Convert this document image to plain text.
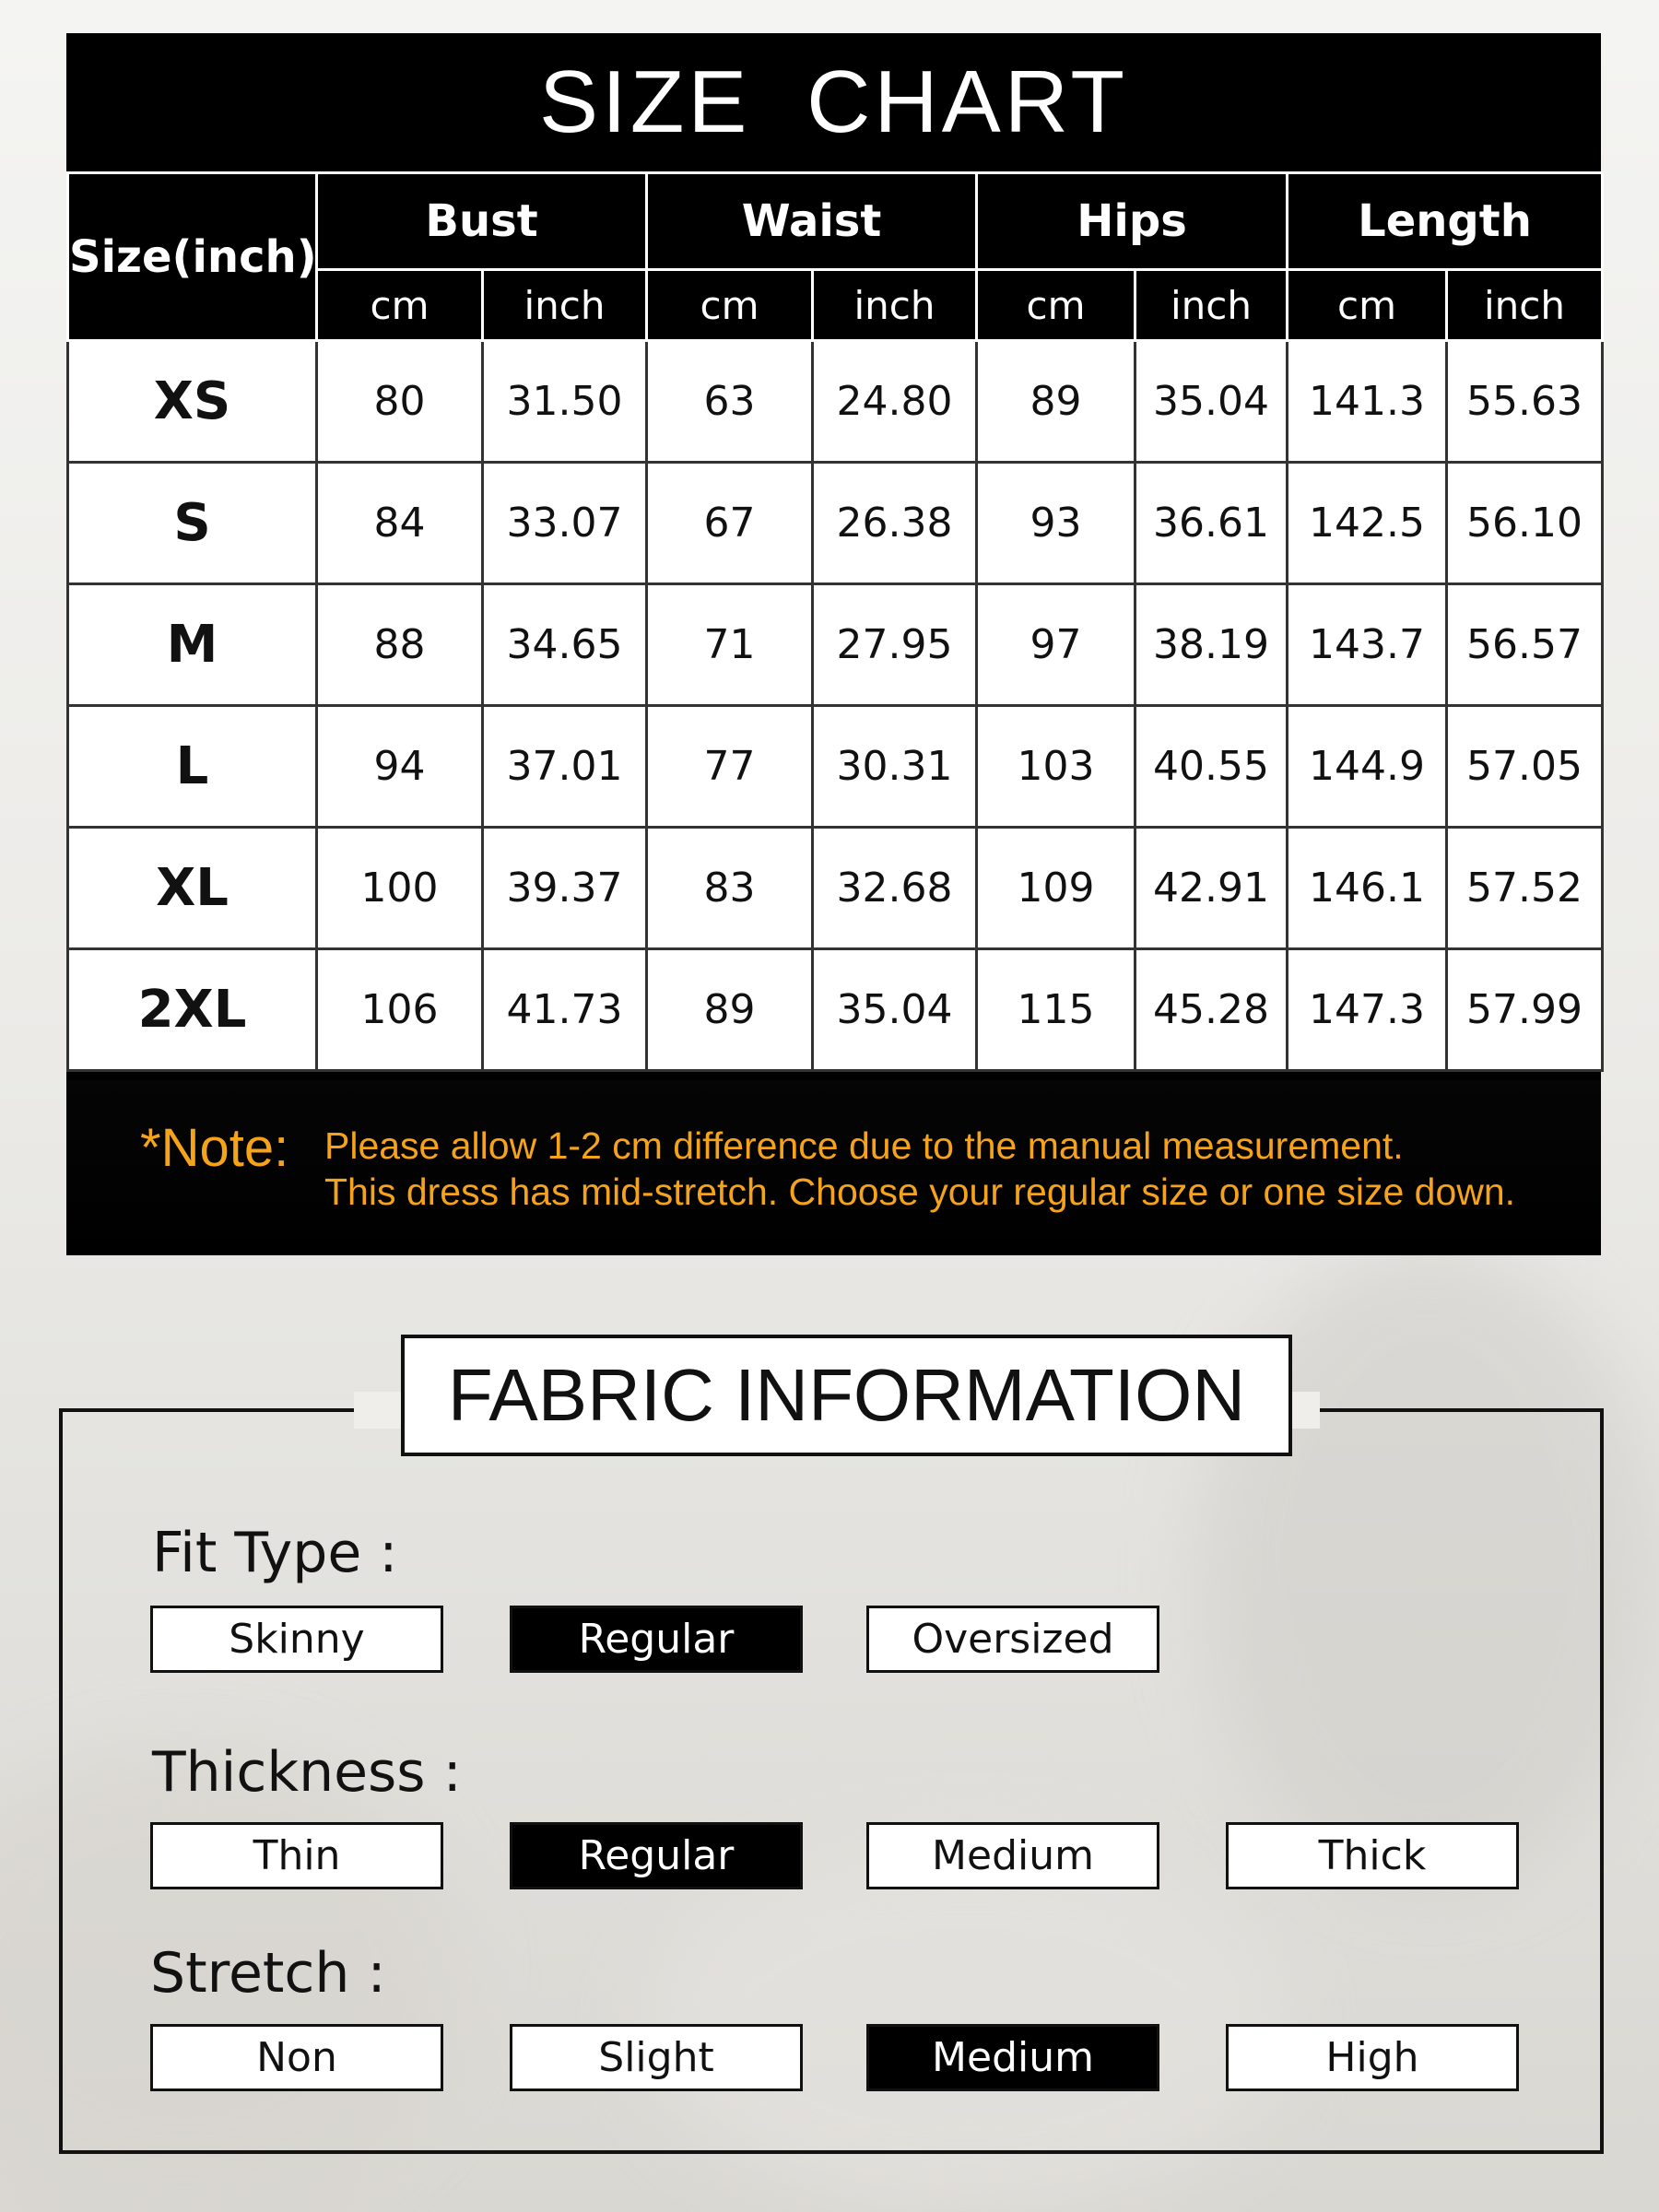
SIZE CHART
Size(inch)	Bust		Waist		Hips		Length	
	cm	inch	cm	inch	cm	inch	cm	inch
XS	80	31.50	63	24.80	89	35.04	141.3	55.63
S	84	33.07	67	26.38	93	36.61	142.5	56.10
M	88	34.65	71	27.95	97	38.19	143.7	56.57
L	94	37.01	77	30.31	103	40.55	144.9	57.05
XL	100	39.37	83	32.68	109	42.91	146.1	57.52
2XL	106	41.73	89	35.04	115	45.28	147.3	57.99
*Note: Please allow 1-2 cm difference due to the manual measurement.
This dress has mid-stretch. Choose your regular size or one size down.
FABRIC INFORMATION
Fit Type :
Skinny	Regular	Oversized
Thickness :
Thin	Regular	Medium	Thick
Stretch :
Non	Slight	Medium	High
